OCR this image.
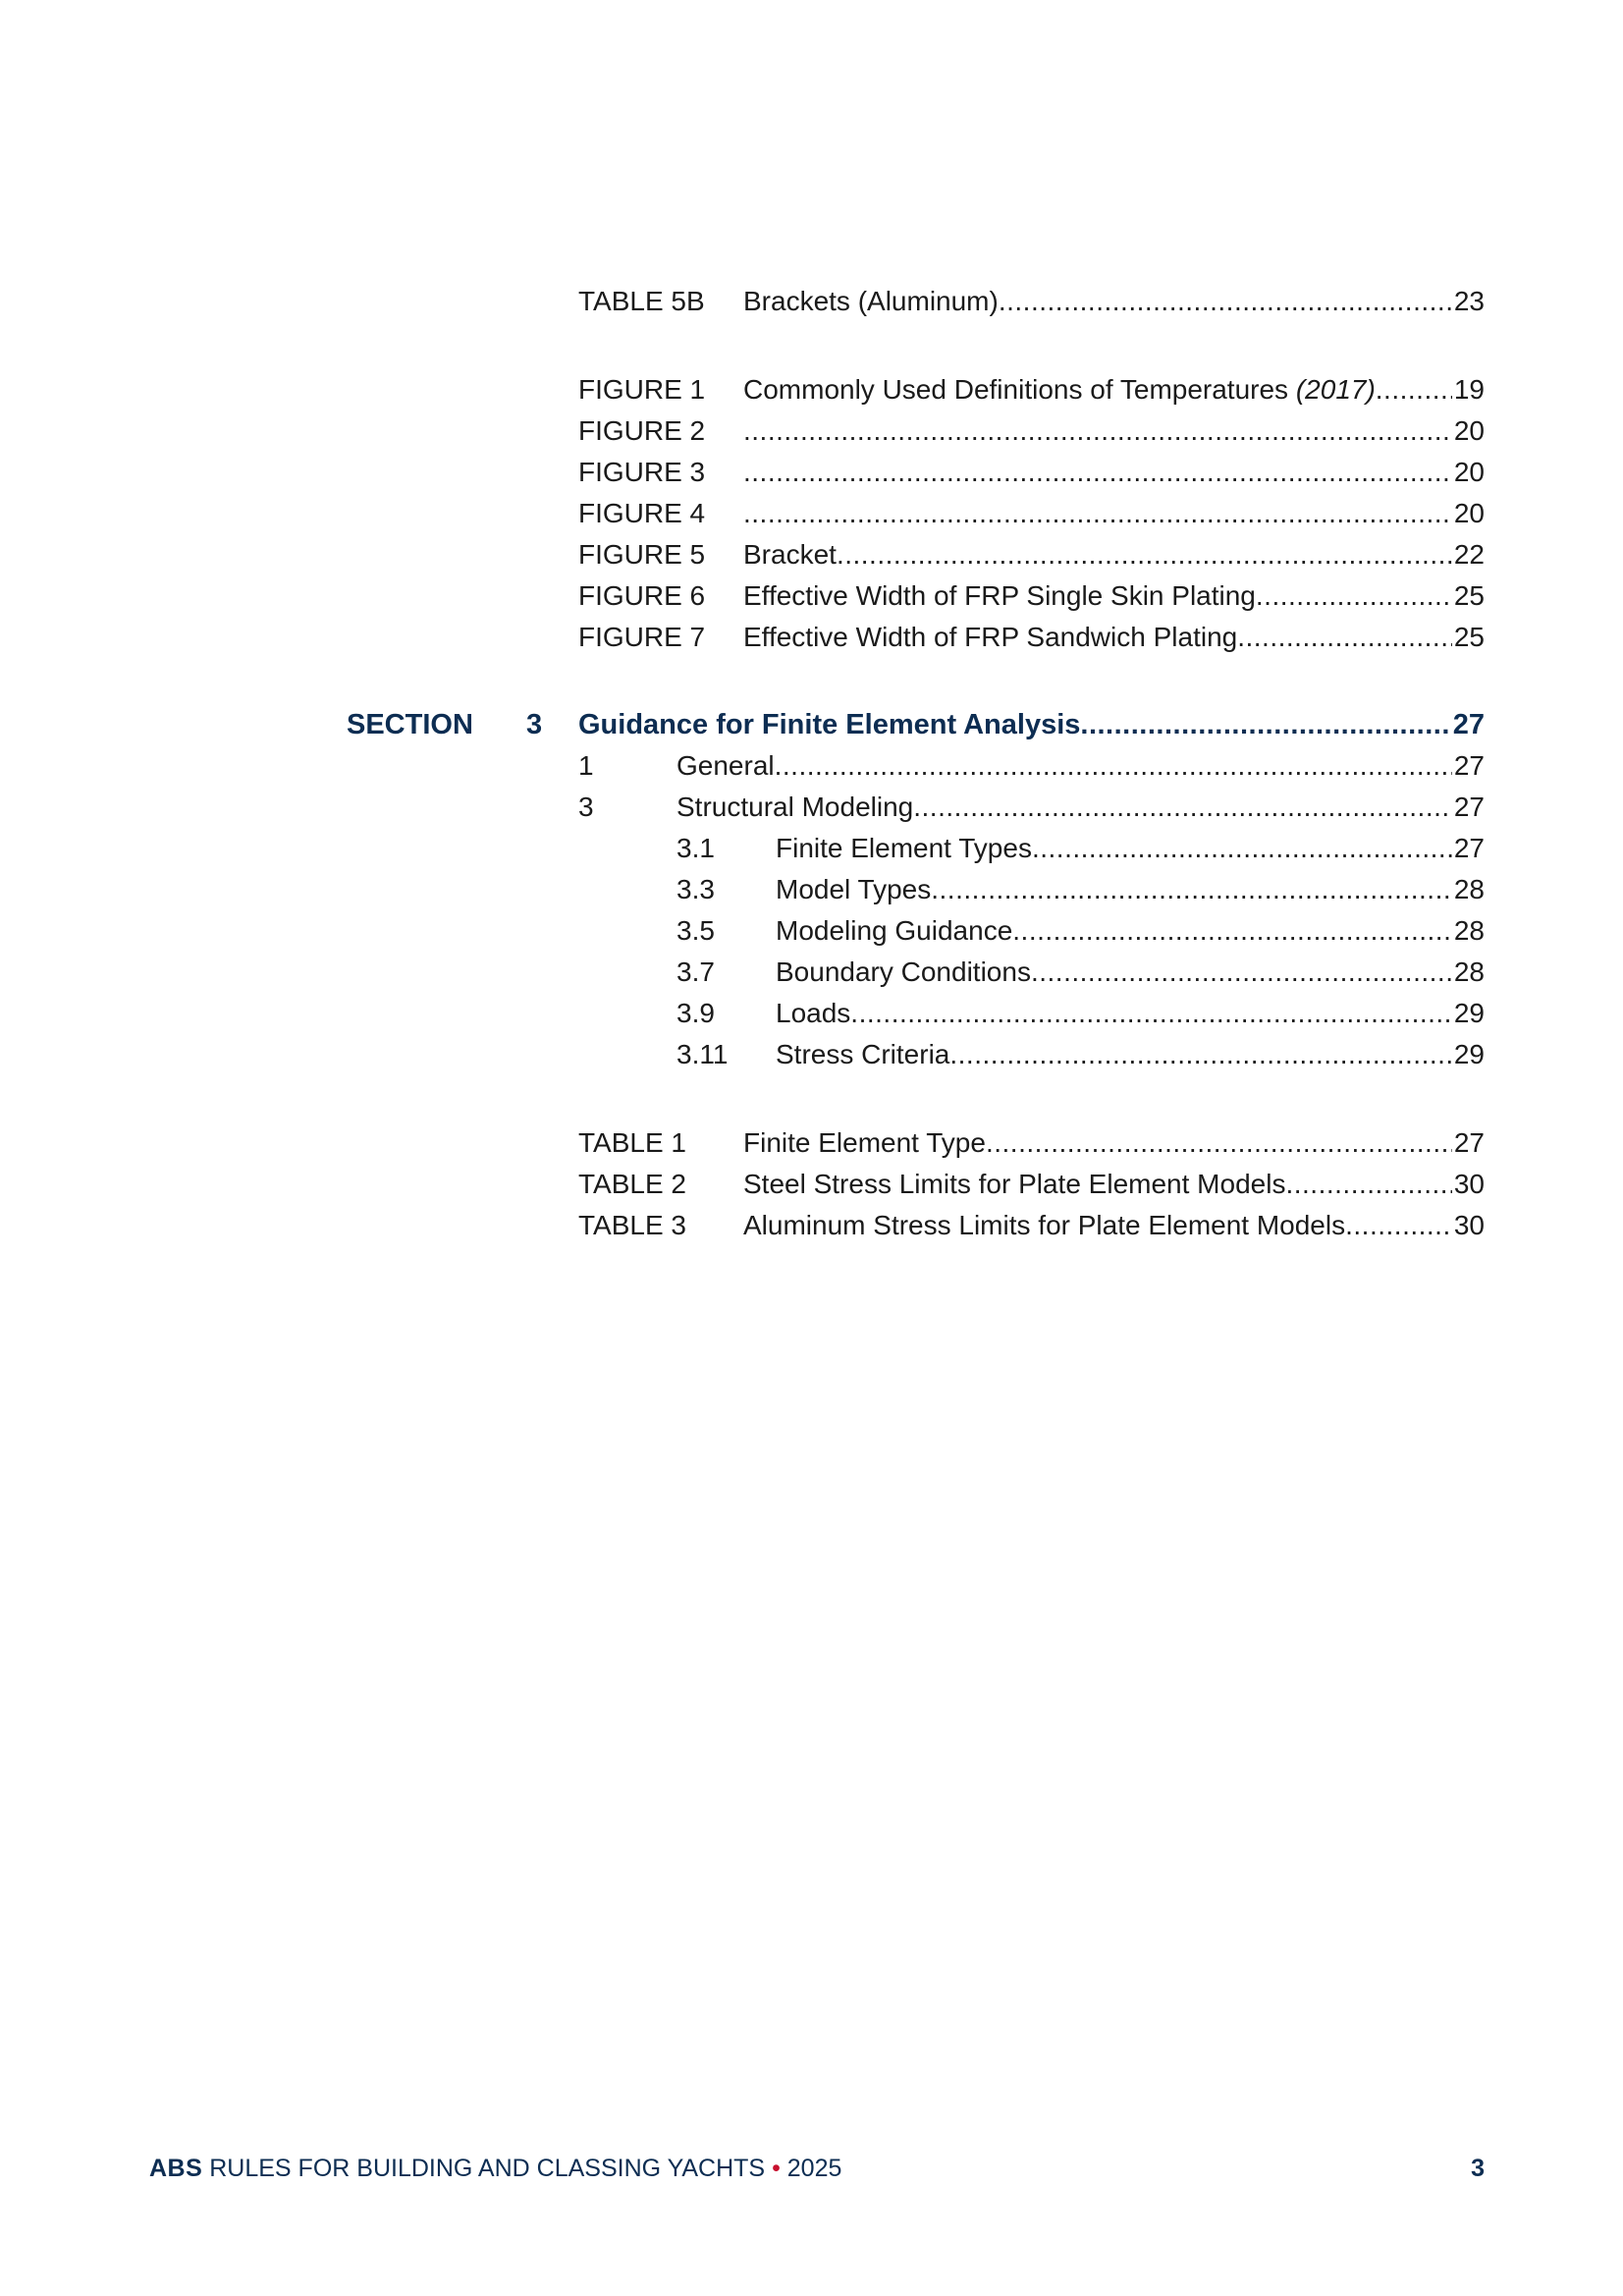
TABLE 5B Brackets (Aluminum) .....	23
FIGURE 1 Commonly Used Definitions of Temperatures (2017) .....	19
FIGURE 2 .....	20
FIGURE 3 .....	20
FIGURE 4 .....	20
FIGURE 5 Bracket .....	22
FIGURE 6 Effective Width of FRP Single Skin Plating .....	25
FIGURE 7 Effective Width of FRP Sandwich Plating .....	25
SECTION 3 Guidance for Finite Element Analysis .....	27
1	General .....	27
3	Structural Modeling .....	27
3.1 Finite Element Types .....	27
3.3 Model Types .....	28
3.5 Modeling Guidance .....	28
3.7 Boundary Conditions .....	28
3.9 Loads .....	29
3.11 Stress Criteria .....	29
TABLE 1 Finite Element Type .....	27
TABLE 2 Steel Stress Limits for Plate Element Models .....	30
TABLE 3 Aluminum Stress Limits for Plate Element Models .....	30
ABS RULES FOR BUILDING AND CLASSING YACHTS • 2025	3
